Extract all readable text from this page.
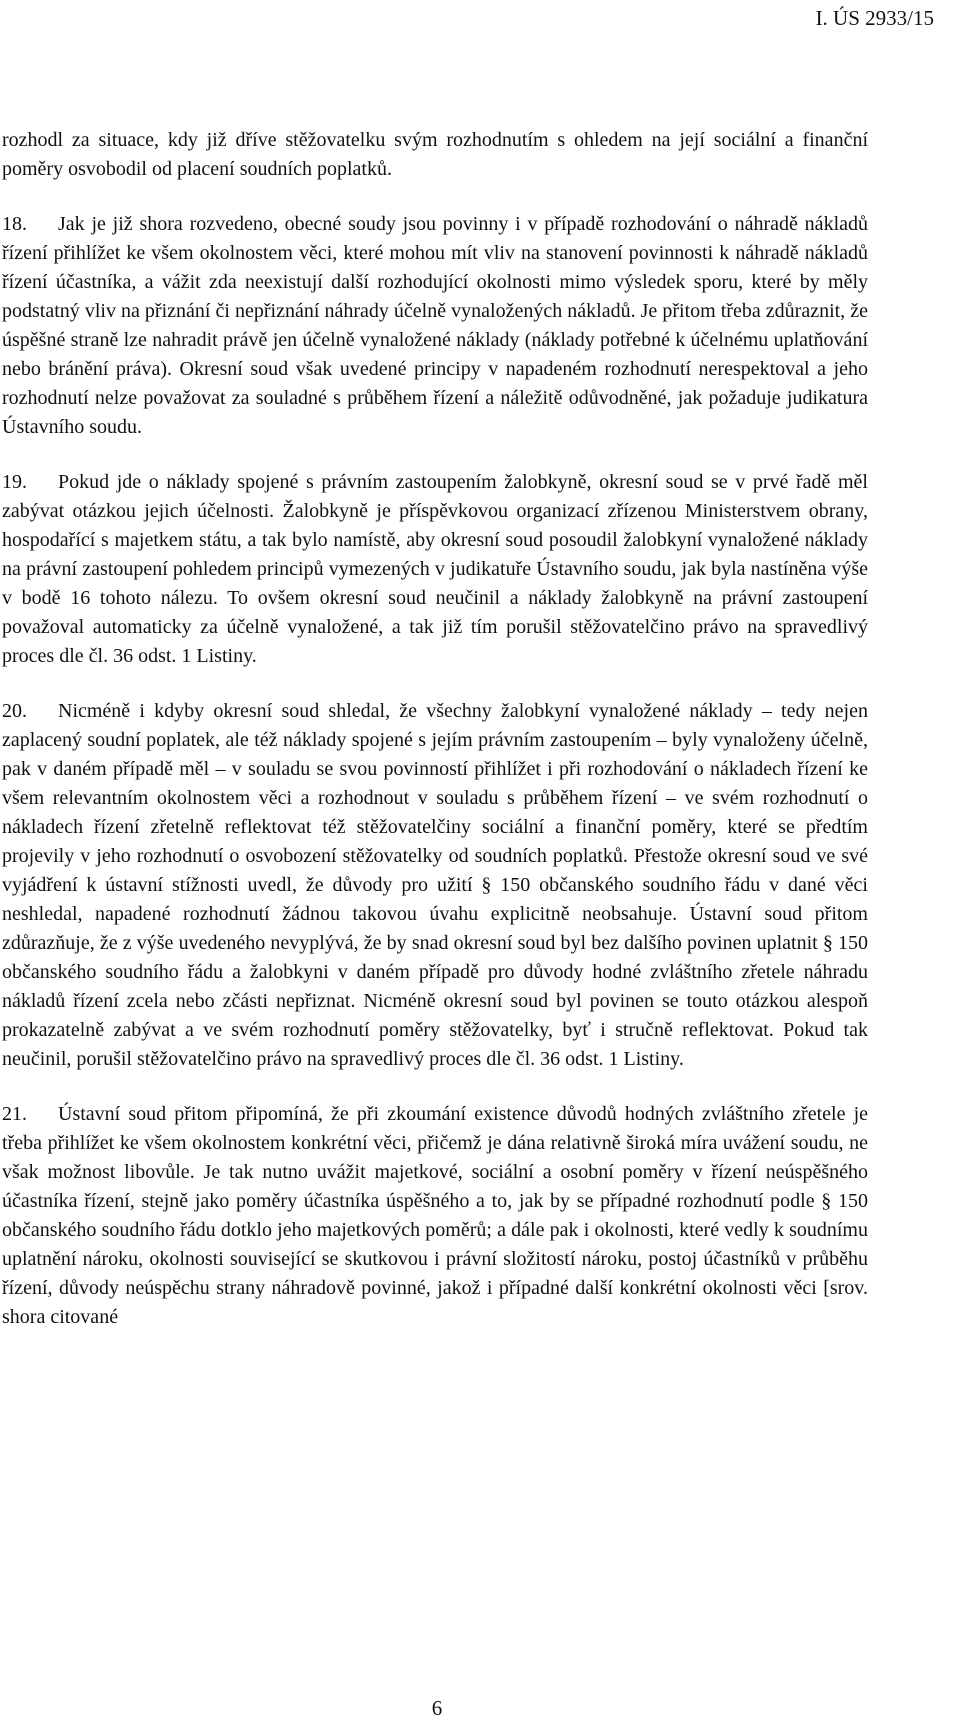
I. ÚS 2933/15

rozhodl za situace, kdy již dříve stěžovatelku svým rozhodnutím s ohledem na její sociální a finanční poměry osvobodil od placení soudních poplatků.

18. Jak je již shora rozvedeno, obecné soudy jsou povinny i v případě rozhodování o náhradě nákladů řízení přihlížet ke všem okolnostem věci, které mohou mít vliv na stanovení povinnosti k náhradě nákladů řízení účastníka, a vážit zda neexistují další rozhodující okolnosti mimo výsledek sporu, které by měly podstatný vliv na přiznání či nepřiznání náhrady účelně vynaložených nákladů. Je přitom třeba zdůraznit, že úspěšné straně lze nahradit právě jen účelně vynaložené náklady (náklady potřebné k účelnému uplatňování nebo bránění práva). Okresní soud však uvedené principy v napadeném rozhodnutí nerespektoval a jeho rozhodnutí nelze považovat za souladné s průběhem řízení a náležitě odůvodněné, jak požaduje judikatura Ústavního soudu.

19. Pokud jde o náklady spojené s právním zastoupením žalobkyně, okresní soud se v prvé řadě měl zabývat otázkou jejich účelnosti. Žalobkyně je příspěvkovou organizací zřízenou Ministerstvem obrany, hospodařící s majetkem státu, a tak bylo namístě, aby okresní soud posoudil žalobkyní vynaložené náklady na právní zastoupení pohledem principů vymezených v judikatuře Ústavního soudu, jak byla nastíněna výše v bodě 16 tohoto nálezu. To ovšem okresní soud neučinil a náklady žalobkyně na právní zastoupení považoval automaticky za účelně vynaložené, a tak již tím porušil stěžovatelčino právo na spravedlivý proces dle čl. 36 odst. 1 Listiny.

20. Nicméně i kdyby okresní soud shledal, že všechny žalobkyní vynaložené náklady – tedy nejen zaplacený soudní poplatek, ale též náklady spojené s jejím právním zastoupením – byly vynaloženy účelně, pak v daném případě měl – v souladu se svou povinností přihlížet i při rozhodování o nákladech řízení ke všem relevantním okolnostem věci a rozhodnout v souladu s průběhem řízení – ve svém rozhodnutí o nákladech řízení zřetelně reflektovat též stěžovatelčiny sociální a finanční poměry, které se předtím projevily v jeho rozhodnutí o osvobození stěžovatelky od soudních poplatků. Přestože okresní soud ve své vyjádření k ústavní stížnosti uvedl, že důvody pro užití § 150 občanského soudního řádu v dané věci neshledal, napadené rozhodnutí žádnou takovou úvahu explicitně neobsahuje. Ústavní soud přitom zdůrazňuje, že z výše uvedeného nevyplývá, že by snad okresní soud byl bez dalšího povinen uplatnit § 150 občanského soudního řádu a žalobkyni v daném případě pro důvody hodné zvláštního zřetele náhradu nákladů řízení zcela nebo zčásti nepřiznat. Nicméně okresní soud byl povinen se touto otázkou alespoň prokazatelně zabývat a ve svém rozhodnutí poměry stěžovatelky, byť i stručně reflektovat. Pokud tak neučinil, porušil stěžovatelčino právo na spravedlivý proces dle čl. 36 odst. 1 Listiny.

21. Ústavní soud přitom připomíná, že při zkoumání existence důvodů hodných zvláštního zřetele je třeba přihlížet ke všem okolnostem konkrétní věci, přičemž je dána relativně široká míra uvážení soudu, ne však možnost libovůle. Je tak nutno uvážit majetkové, sociální a osobní poměry v řízení neúspěšného účastníka řízení, stejně jako poměry účastníka úspěšného a to, jak by se případné rozhodnutí podle § 150 občanského soudního řádu dotklo jeho majetkových poměrů; a dále pak i okolnosti, které vedly k soudnímu uplatnění nároku, okolnosti související se skutkovou i právní složitostí nároku, postoj účastníků v průběhu řízení, důvody neúspěchu strany náhradově povinné, jakož i případné další konkrétní okolnosti věci [srov. shora citované

6
